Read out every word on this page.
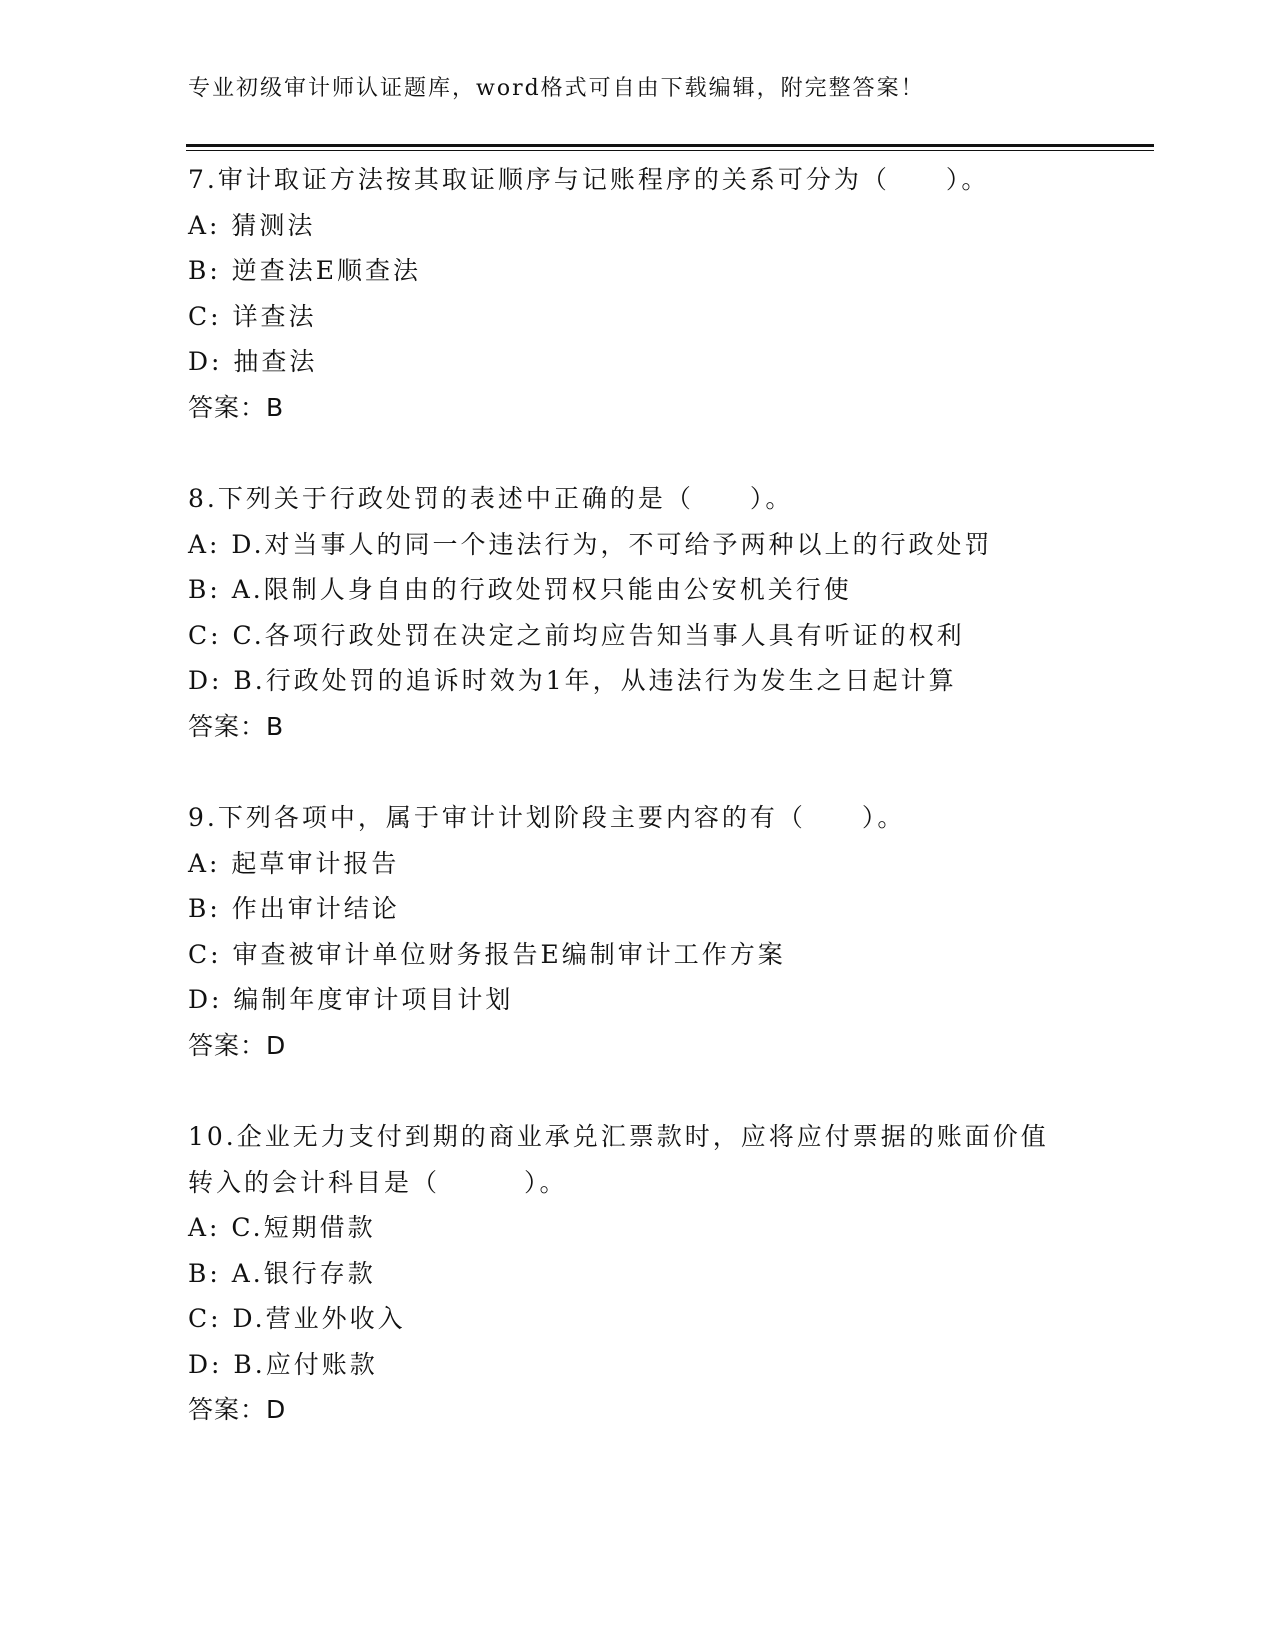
专业初级审计师认证题库，word格式可自由下载编辑，附完整答案！
7.审计取证方法按其取证顺序与记账程序的关系可分为（　　）。
A: 猜测法
B: 逆查法E顺查法
C: 详查法
D: 抽查法
答案：B
8.下列关于行政处罚的表述中正确的是（　　）。
A: D.对当事人的同一个违法行为，不可给予两种以上的行政处罚
B: A.限制人身自由的行政处罚权只能由公安机关行使
C: C.各项行政处罚在决定之前均应告知当事人具有听证的权利
D: B.行政处罚的追诉时效为1年，从违法行为发生之日起计算
答案：B
9.下列各项中，属于审计计划阶段主要内容的有（　　）。
A: 起草审计报告
B: 作出审计结论
C: 审查被审计单位财务报告E编制审计工作方案
D: 编制年度审计项目计划
答案：D
10.企业无力支付到期的商业承兑汇票款时，应将应付票据的账面价值
转入的会计科目是（　　　）。
A: C.短期借款
B: A.银行存款
C: D.营业外收入
D: B.应付账款
答案：D
